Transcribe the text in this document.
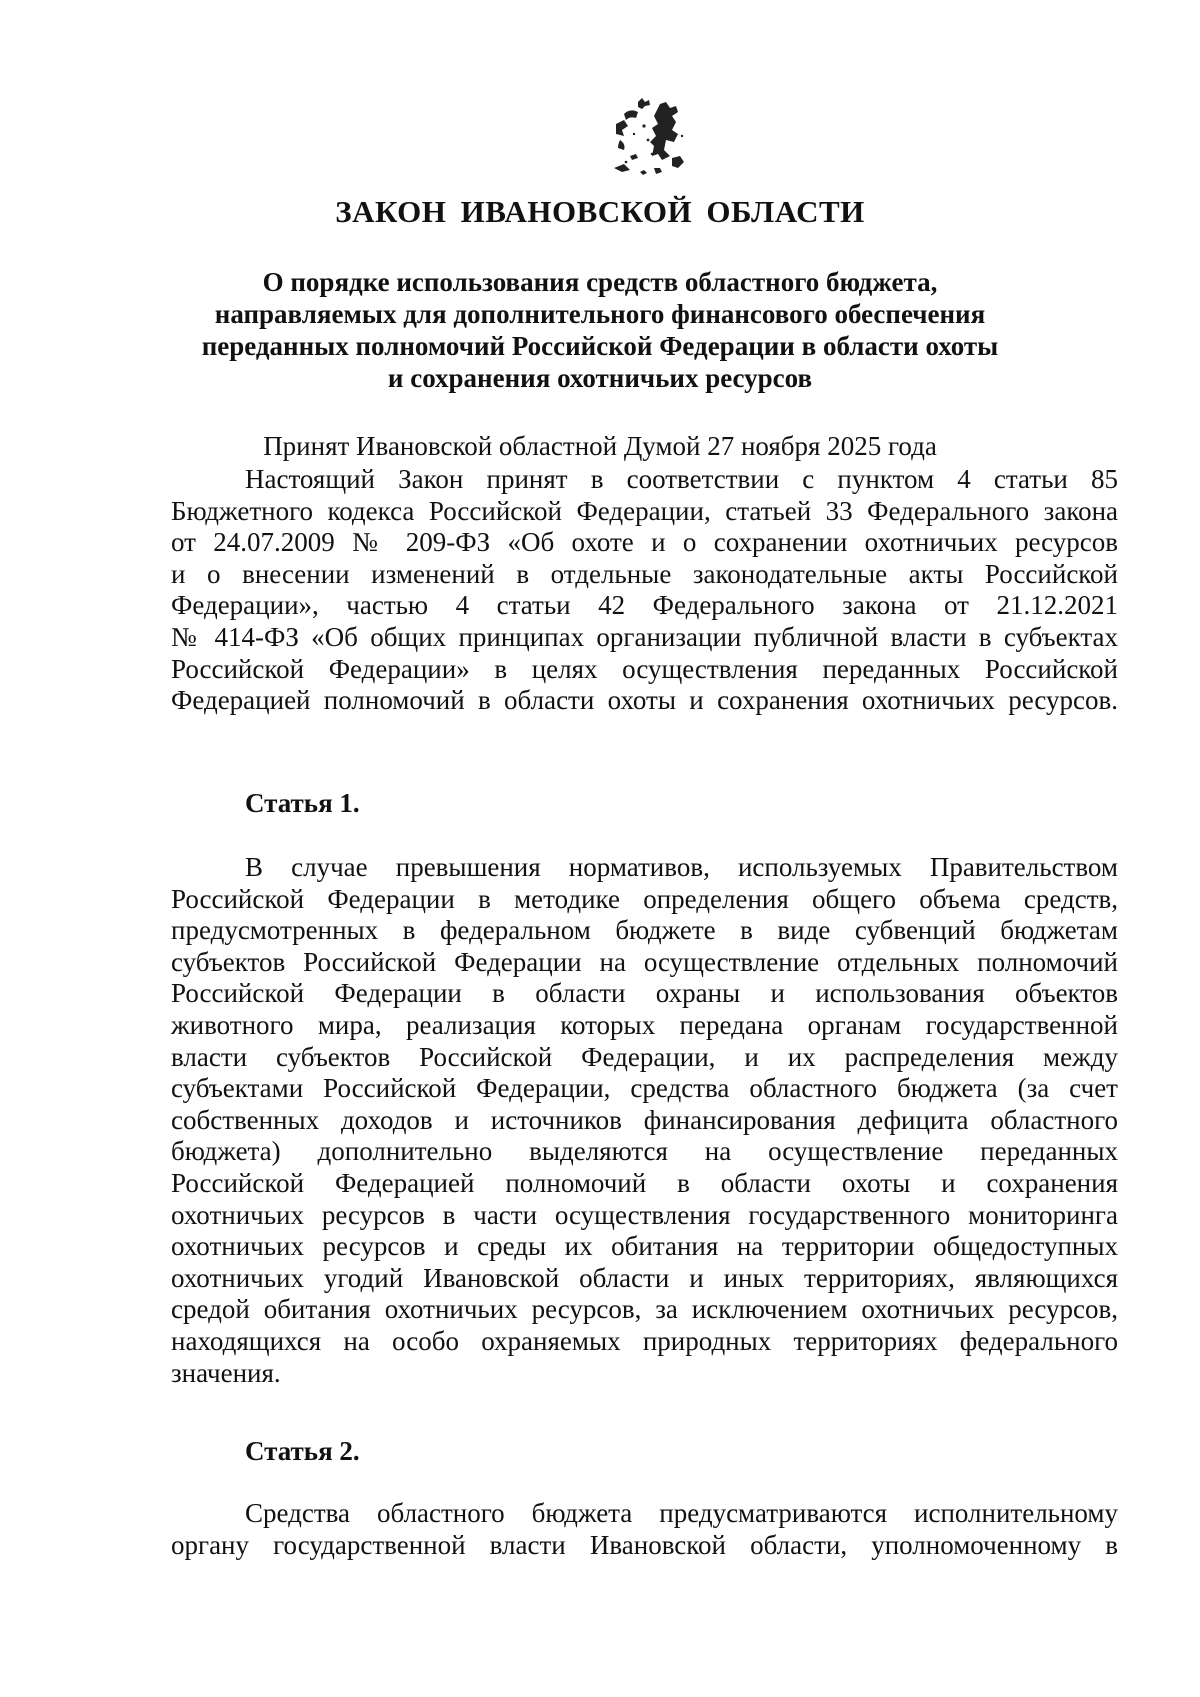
ЗАКОН ИВАНОВСКОЙ ОБЛАСТИ
О порядке использования средств областного бюджета,
направляемых для дополнительного финансового обеспечения
переданных полномочий Российской Федерации в области охоты
и сохранения охотничьих ресурсов
Принят Ивановской областной Думой 27 ноября 2025 года
Настоящий Закон принят в соответствии с пунктом 4 статьи 85
Бюджетного кодекса Российской Федерации, статьей 33 Федерального закона
от 24.07.2009 № 209-ФЗ «Об охоте и о сохранении охотничьих ресурсов
и о внесении изменений в отдельные законодательные акты Российской
Федерации», частью 4 статьи 42 Федерального закона от 21.12.2021
№ 414-ФЗ «Об общих принципах организации публичной власти в субъектах
Российской Федерации» в целях осуществления переданных Российской
Федерацией полномочий в области охоты и сохранения охотничьих ресурсов.
Статья 1.
В случае превышения нормативов, используемых Правительством
Российской Федерации в методике определения общего объема средств,
предусмотренных в федеральном бюджете в виде субвенций бюджетам
субъектов Российской Федерации на осуществление отдельных полномочий
Российской Федерации в области охраны и использования объектов
животного мира, реализация которых передана органам государственной
власти субъектов Российской Федерации, и их распределения между
субъектами Российской Федерации, средства областного бюджета (за счет
собственных доходов и источников финансирования дефицита областного
бюджета) дополнительно выделяются на осуществление переданных
Российской Федерацией полномочий в области охоты и сохранения
охотничьих ресурсов в части осуществления государственного мониторинга
охотничьих ресурсов и среды их обитания на территории общедоступных
охотничьих угодий Ивановской области и иных территориях, являющихся
средой обитания охотничьих ресурсов, за исключением охотничьих ресурсов,
находящихся на особо охраняемых природных территориях федерального
значения.
Статья 2.
Средства областного бюджета предусматриваются исполнительному
органу государственной власти Ивановской области, уполномоченному в
